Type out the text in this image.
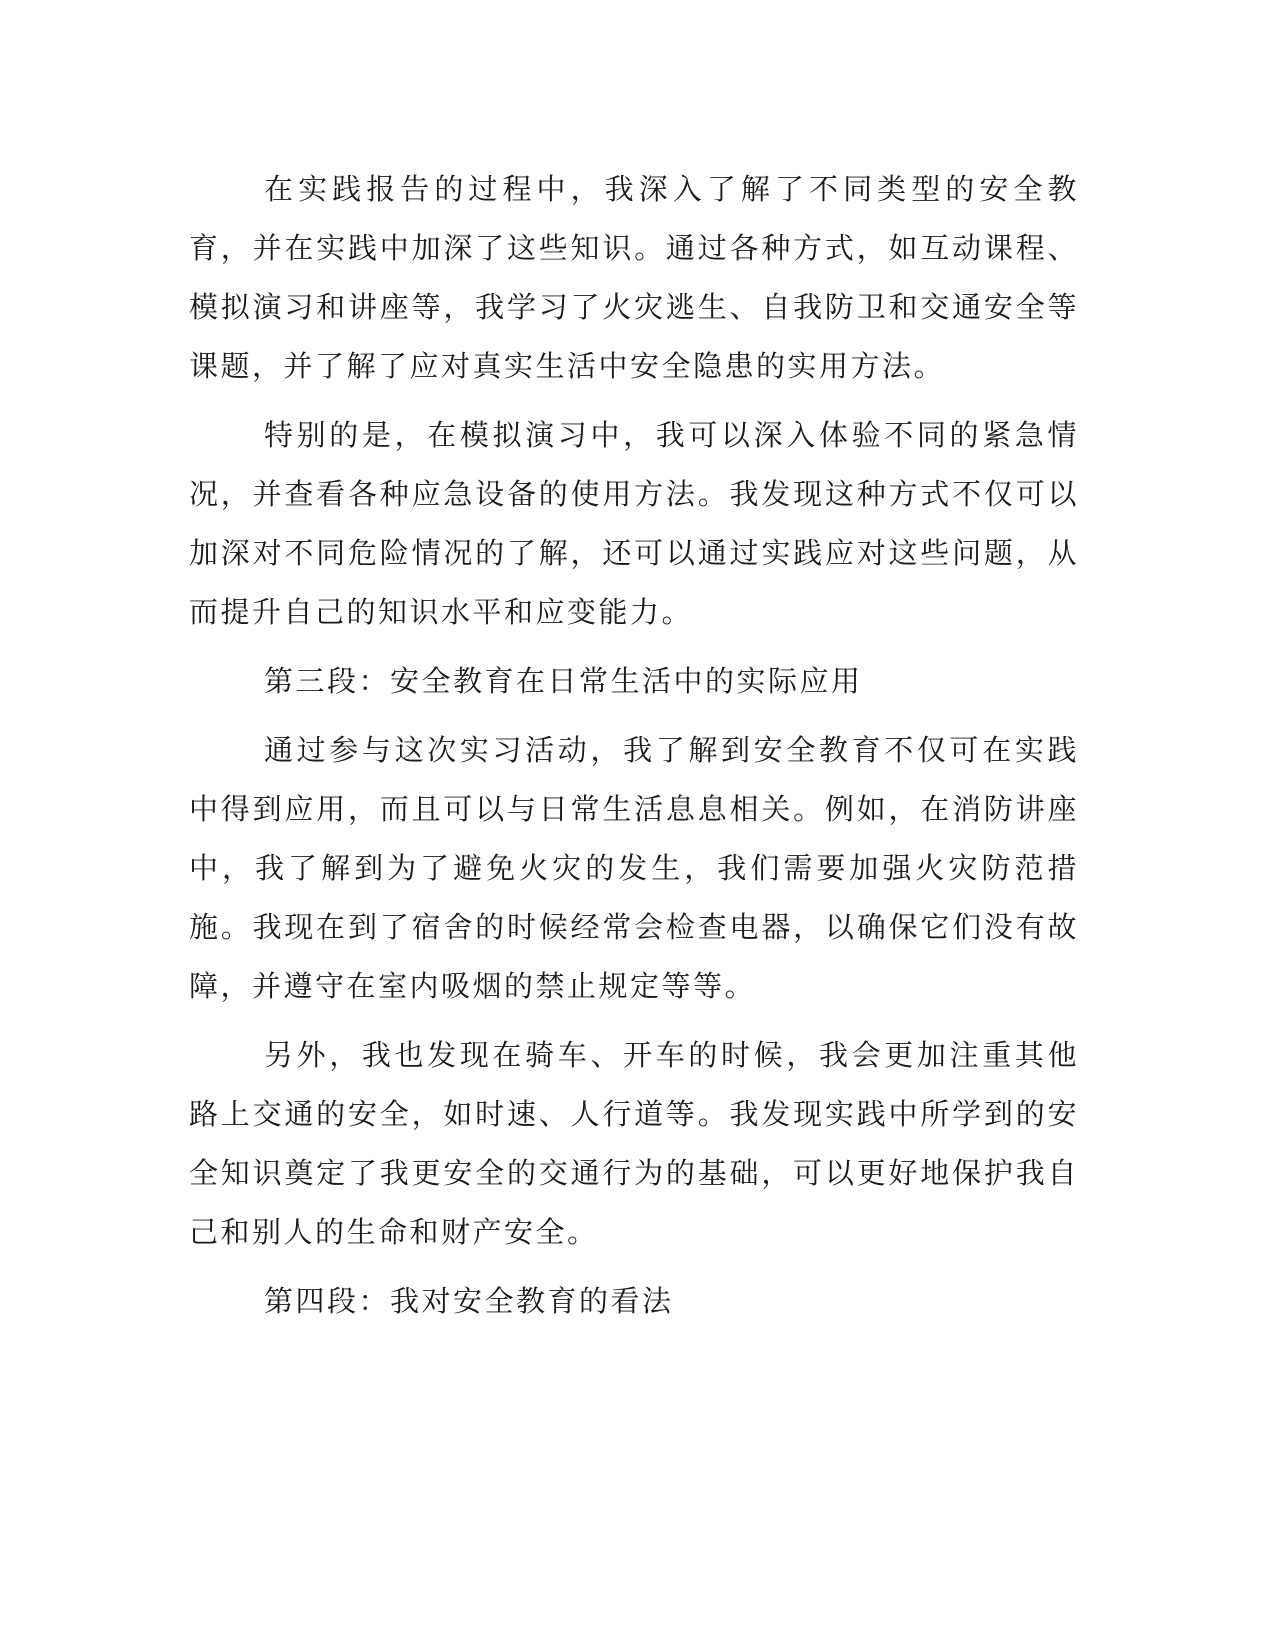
在实践报告的过程中，我深入了解了不同类型的安全教育，并在实践中加深了这些知识。通过各种方式，如互动课程、模拟演习和讲座等，我学习了火灾逃生、自我防卫和交通安全等课题，并了解了应对真实生活中安全隐患的实用方法。

特别的是，在模拟演习中，我可以深入体验不同的紧急情况，并查看各种应急设备的使用方法。我发现这种方式不仅可以加深对不同危险情况的了解，还可以通过实践应对这些问题，从而提升自己的知识水平和应变能力。

第三段：安全教育在日常生活中的实际应用

通过参与这次实习活动，我了解到安全教育不仅可在实践中得到应用，而且可以与日常生活息息相关。例如，在消防讲座中，我了解到为了避免火灾的发生，我们需要加强火灾防范措施。我现在到了宿舍的时候经常会检查电器，以确保它们没有故障，并遵守在室内吸烟的禁止规定等等。

另外，我也发现在骑车、开车的时候，我会更加注重其他路上交通的安全，如时速、人行道等。我发现实践中所学到的安全知识奠定了我更安全的交通行为的基础，可以更好地保护我自己和别人的生命和财产安全。

第四段：我对安全教育的看法
